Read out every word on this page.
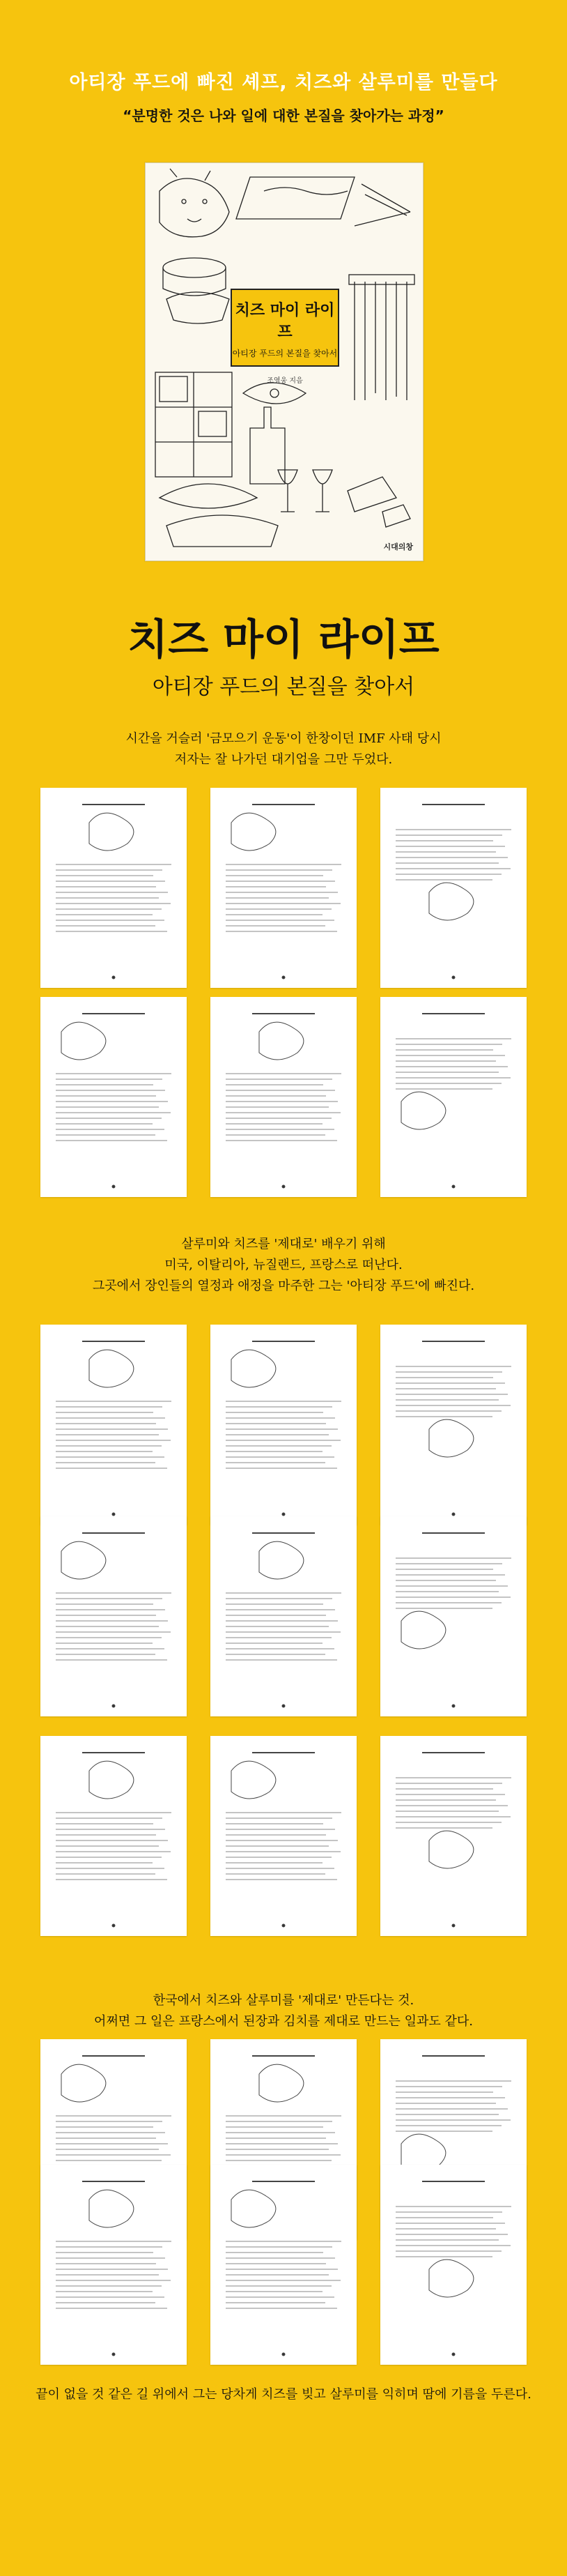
아티장 푸드에 빠진 셰프, 치즈와 살루미를 만들다
“분명한 것은 나와 일에 대한 본질을 찾아가는 과정”
치즈 마이 라이프
아티장 푸드의 본질을 찾아서
조영웅 지음
시대의창
치즈 마이 라이프
아티장 푸드의 본질을 찾아서
시간을 거슬러 '금모으기 운동'이 한창이던 IMF 사태 당시
저자는 잘 나가던 대기업을 그만 두었다.
살루미와 치즈를 '제대로' 배우기 위해
미국, 이탈리아, 뉴질랜드, 프랑스로 떠난다.
그곳에서 장인들의 열정과 애정을 마주한 그는 '아티장 푸드'에 빠진다.
한국에서 치즈와 살루미를 '제대로' 만든다는 것.
어쩌면 그 일은 프랑스에서 된장과 김치를 제대로 만드는 일과도 같다.
끝이 없을 것 같은 길 위에서 그는 당차게 치즈를 빚고 살루미를 익히며 땀에 기름을 두른다.
